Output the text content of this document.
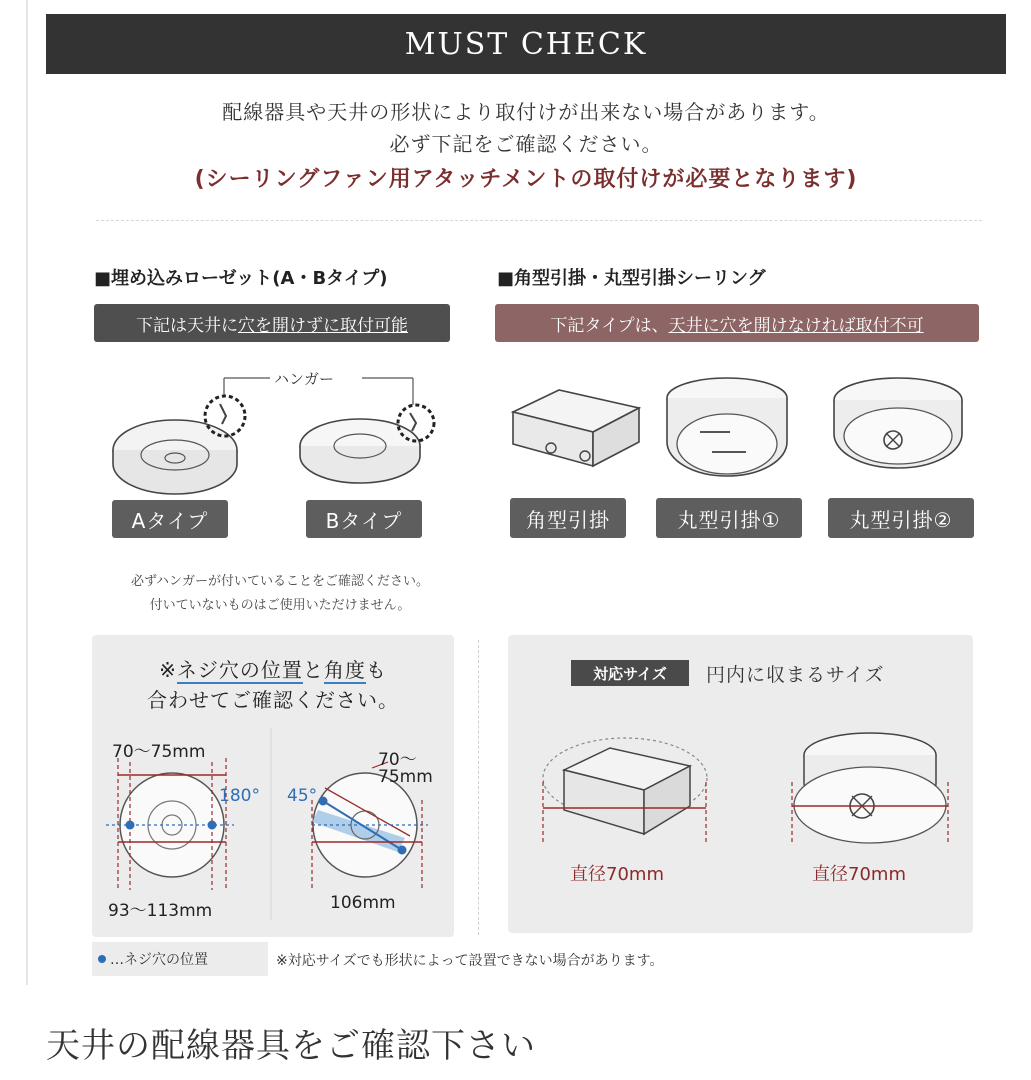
MUST CHECK
配線器具や天井の形状により取付けが出来ない場合があります。
必ず下記をご確認ください。
(シーリングファン用アタッチメントの取付けが必要となります)
■埋め込みローゼット(A・Bタイプ)
下記は天井に 穴を開けずに取付可能
■角型引掛・丸型引掛シーリング
下記タイプは、 天井に穴を開けなければ取付不可
ハンガー
Aタイプ	Bタイプ	角型引掛	丸型引掛①	丸型引掛②
必ずハンガーが付いていることをご確認ください。
付いていないものはご使用いただけません。
※ネジ穴の位置と角度も
合わせてご確認ください。
70〜75mm
180°
93〜113mm
70〜
75mm
45°
106mm
対応サイズ	円内に収まるサイズ
直径70mm	直径70mm
…ネジ穴の位置	※対応サイズでも形状によって設置できない場合があります。
天井の配線器具をご確認下さい
